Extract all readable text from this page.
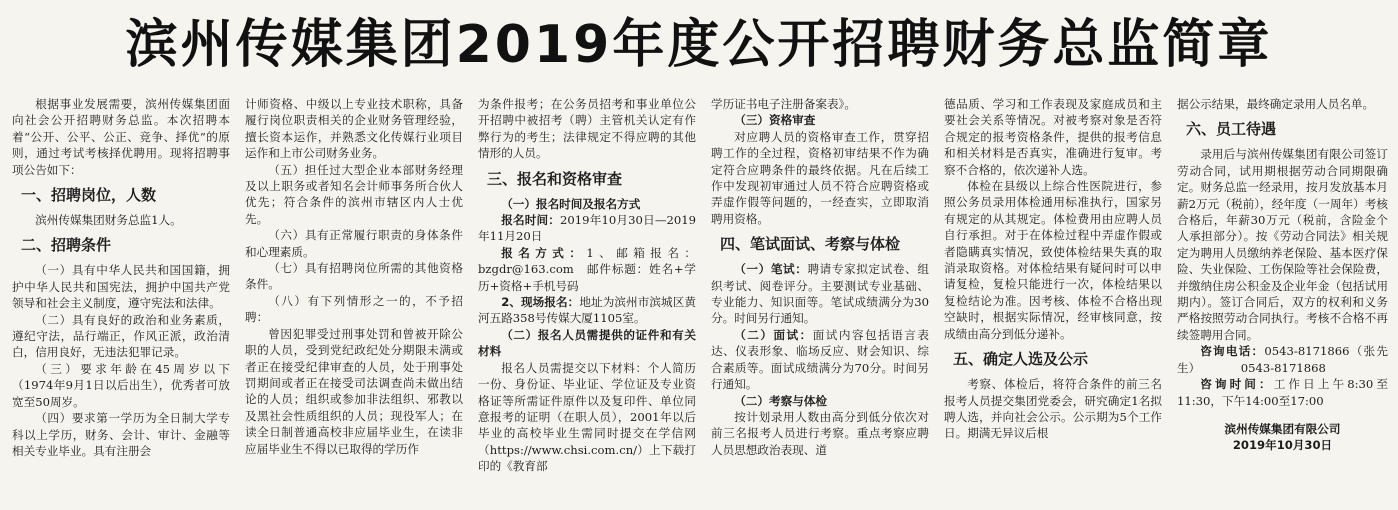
滨州传媒集团2019年度公开招聘财务总监简章

根据事业发展需要，滨州传媒集团面向社会公开招聘财务总监。本次招聘本着“公开、公平、公正、竞争、择优”的原则，通过考试考核择优聘用。现将招聘事项公告如下：

一、招聘岗位，人数

滨州传媒集团财务总监1人。

二、招聘条件

（一）具有中华人民共和国国籍，拥护中华人民共和国宪法，拥护中国共产党领导和社会主义制度，遵守宪法和法律。

（二）具有良好的政治和业务素质，遵纪守法，品行端正，作风正派，政治清白，信用良好，无违法犯罪记录。

（三）要求年龄在45周岁以下（1974年9月1日以后出生），优秀者可放宽至50周岁。

（四）要求第一学历为全日制大学专科以上学历，财务、会计、审计、金融等相关专业毕业。具有注册会

计师资格、中级以上专业技术职称，具备履行岗位职责相关的企业财务管理经验，擅长资本运作，并熟悉文化传媒行业项目运作和上市公司财务业务。

（五）担任过大型企业本部财务经理及以上职务或者知名会计师事务所合伙人优先；符合条件的滨州市辖区内人士优先。

（六）具有正常履行职责的身体条件和心理素质。

（七）具有招聘岗位所需的其他资格条件。

（八）有下列情形之一的，不予招聘：

曾因犯罪受过刑事处罚和曾被开除公职的人员，受到党纪政纪处分期限未满或者正在接受纪律审查的人员，处于刑事处罚期间或者正在接受司法调查尚未做出结论的人员；组织或参加非法组织、邪教以及黑社会性质组织的人员；现役军人；在读全日制普通高校非应届毕业生，在读非应届毕业生不得以已取得的学历作

为条件报考；在公务员招考和事业单位公开招聘中被招考（聘）主管机关认定有作弊行为的考生；法律规定不得应聘的其他情形的人员。

三、报名和资格审查
（一）报名时间及报名方式

报名时间：2019年10月30日—2019年11月20日

报名方式：1、邮箱报名：bzgdr@163.com　邮件标题：姓名+学历+资格+手机号码

2、现场报名：地址为滨州市滨城区黄河五路358号传媒大厦1105室。

（二）报名人员需提供的证件和有关材料

报名人员需提交以下材料：个人简历一份、身份证、毕业证、学位证及专业资格证等所需证件原件以及复印件、单位同意报考的证明（在职人员），2001年以后毕业的高校毕业生需同时提交在学信网（https://www.chsi.com.cn/）上下载打印的《教育部

学历证书电子注册备案表》。

（三）资格审查

对应聘人员的资格审查工作，贯穿招聘工作的全过程，资格初审结果不作为确定符合应聘条件的最终依据。凡在后续工作中发现初审通过人员不符合应聘资格或弄虚作假等问题的，一经查实，立即取消聘用资格。

四、笔试面试、考察与体检

（一）笔试：聘请专家拟定试卷、组织考试、阅卷评分。主要测试专业基础、专业能力、知识面等。笔试成绩满分为30分。时间另行通知。

（二）面试：面试内容包括语言表达、仪表形象、临场反应、财会知识、综合素质等。面试成绩满分为70分。时间另行通知。

（二）考察与体检

按计划录用人数由高分到低分依次对前三名报考人员进行考察。重点考察应聘人员思想政治表现、道

德品质、学习和工作表现及家庭成员和主要社会关系等情况。对被考察对象是否符合规定的报考资格条件，提供的报考信息和相关材料是否真实，准确进行复审。考察不合格的，依次递补人选。

体检在县级以上综合性医院进行，参照公务员录用体检通用标准执行，国家另有规定的从其规定。体检费用由应聘人员自行承担。对于在体检过程中弄虚作假或者隐瞒真实情况，致使体检结果失真的取消录取资格。对体检结果有疑问时可以申请复检，复检只能进行一次，体检结果以复检结论为准。因考核、体检不合格出现空缺时，根据实际情况，经审核同意，按成绩由高分到低分递补。

五、确定人选及公示

考察、体检后，将符合条件的前三名报考人员提交集团党委会，研究确定1名拟聘人选，并向社会公示。公示期为5个工作日。期满无异议后根

据公示结果，最终确定录用人员名单。

六、员工待遇

录用后与滨州传媒集团有限公司签订劳动合同，试用期根据劳动合同期限确定。财务总监一经录用，按月发放基本月薪2万元（税前），经年度（一周年）考核合格后，年薪30万元（税前，含险金个人承担部分）。按《劳动合同法》相关规定为聘用人员缴纳养老保险、基本医疗保险、失业保险、工伤保险等社会保险费，并缴纳住房公积金及企业年金（包括试用期内）。签订合同后，双方的权利和义务严格按照劳动合同执行。考核不合格不再续签聘用合同。

咨询电话：0543-8171866（张先生）　　　　0543-8171868

咨询时间：工作日上午8:30至11:30，下午14:00至17:00

滨州传媒集团有限公司

2019年10月30日
